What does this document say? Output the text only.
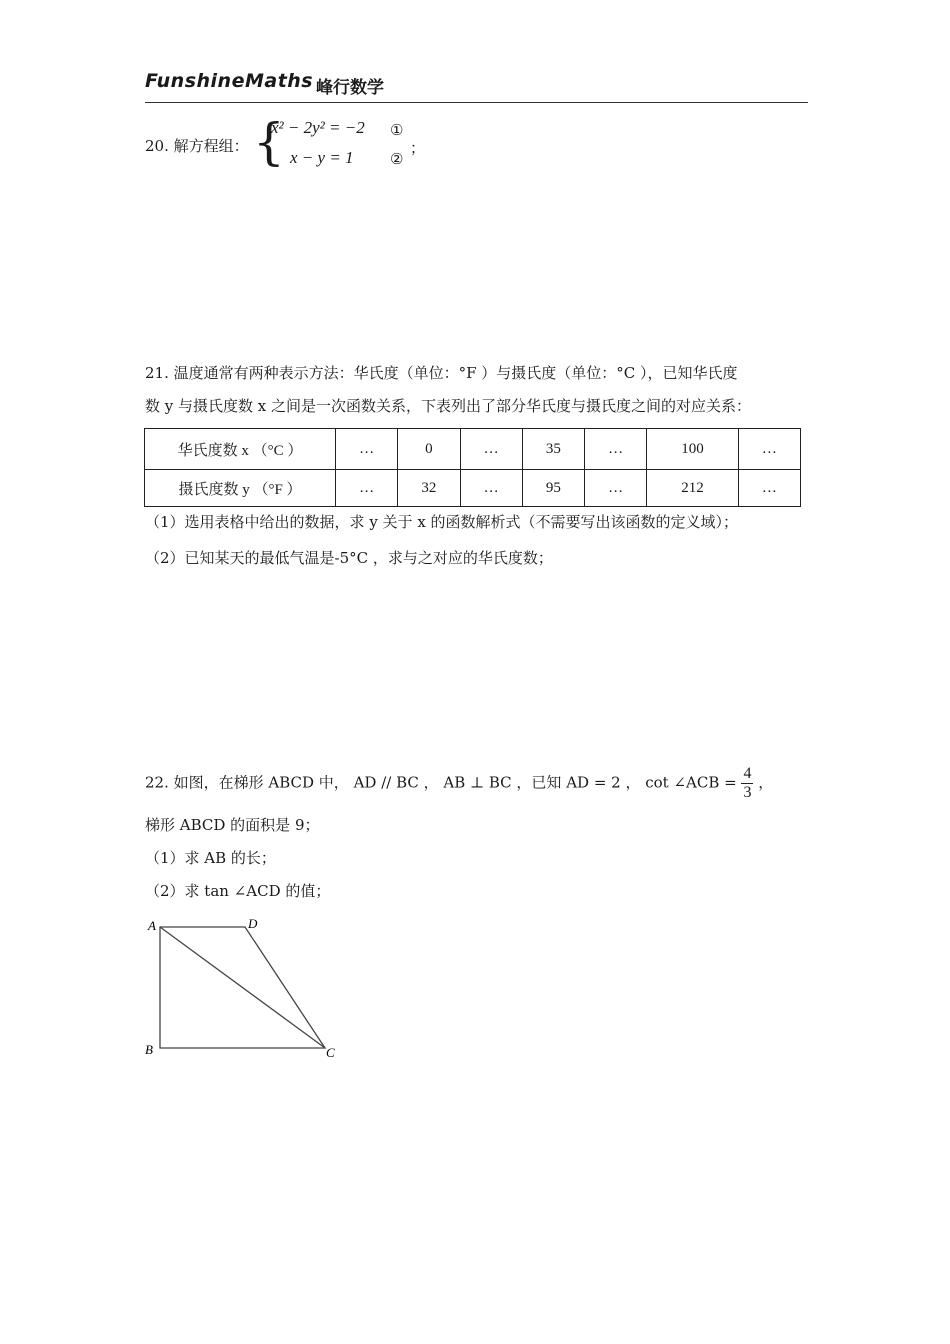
FunshineMaths 峰行数学
20. 解方程组： {
x² − 2y² = −2 ①
x − y = 1 ②
；
21. 温度通常有两种表示方法：华氏度（单位：°F ）与摄氏度（单位：°C ），已知华氏度
数 y 与摄氏度数 x 之间是一次函数关系，下表列出了部分华氏度与摄氏度之间的对应关系：
华氏度数 x （°C ）	…	0	…	35	…	100	…
摄氏度数 y （°F ）	…	32	…	95	…	212	…
（1）选用表格中给出的数据，求 y 关于 x 的函数解析式（不需要写出该函数的定义域）；
（2）已知某天的最低气温是-5°C ，求与之对应的华氏度数；
22. 如图，在梯形 ABCD 中， AD // BC ， AB ⊥ BC ，已知 AD = 2 ， cot ∠ACB = $\frac{4}{3}$ ，
梯形 ABCD 的面积是 9；
（1）求 AB 的长；
（2）求 tan ∠ACD 的值；
A	D
B	C
